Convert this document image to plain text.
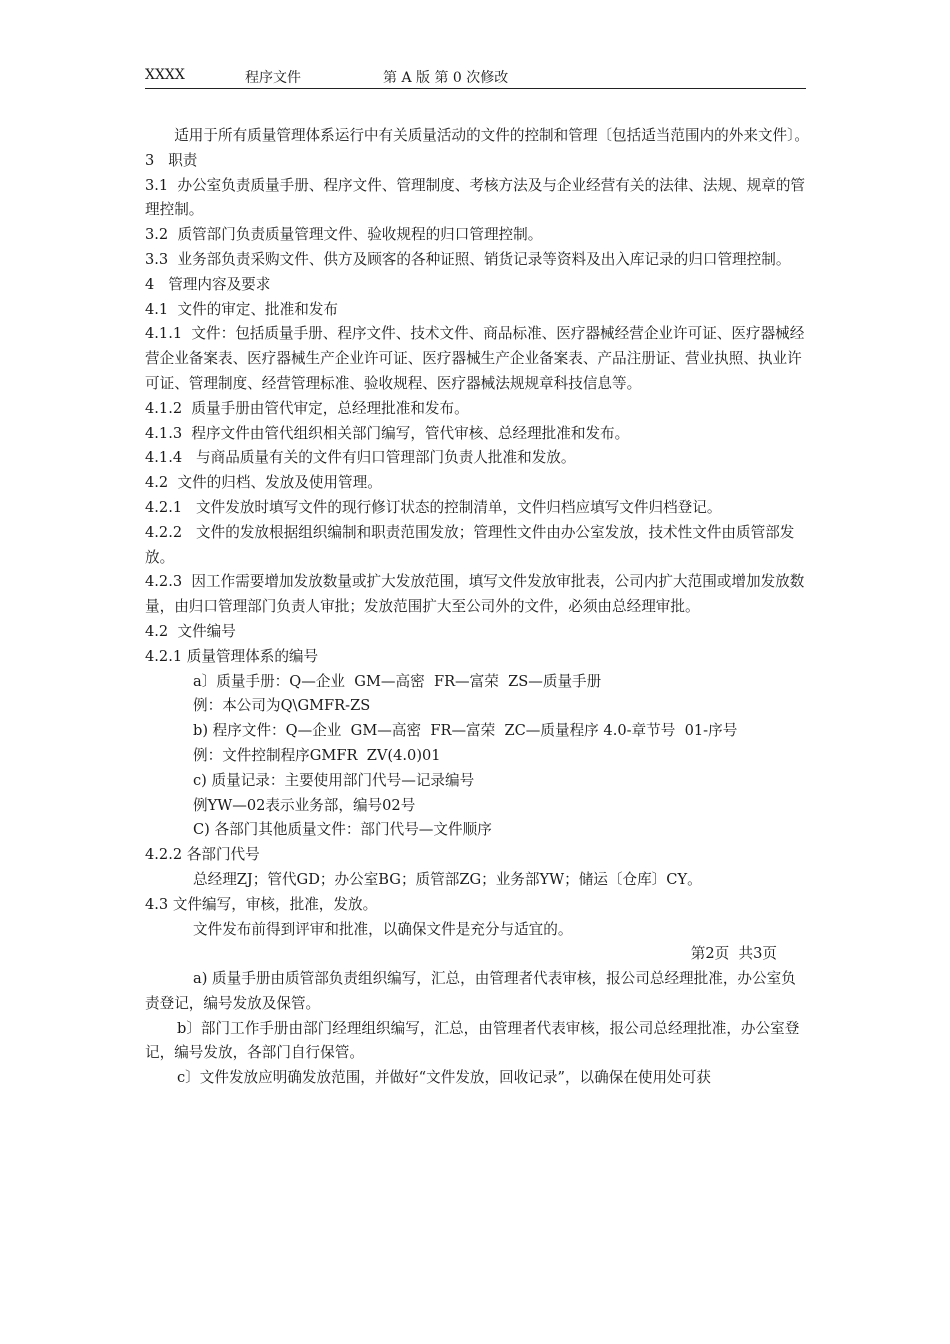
XXXX	程序文件	第 A 版 第 0 次修改

适用于所有质量管理体系运行中有关质量活动的文件的控制和管理〔包括适当范围内的外来文件〕。

3   职责

3.1  办公室负责质量手册、程序文件、管理制度、考核方法及与企业经营有关的法律、法规、规章的管理控制。

3.2  质管部门负责质量管理文件、验收规程的归口管理控制。

3.3  业务部负责采购文件、供方及顾客的各种证照、销货记录等资料及出入库记录的归口管理控制。

4   管理内容及要求

4.1  文件的审定、批准和发布

4.1.1  文件：包括质量手册、程序文件、技术文件、商品标准、医疗器械经营企业许可证、医疗器械经营企业备案表、医疗器械生产企业许可证、医疗器械生产企业备案表、产品注册证、营业执照、执业许可证、管理制度、经营管理标准、验收规程、医疗器械法规规章科技信息等。

4.1.2  质量手册由管代审定，总经理批准和发布。

4.1.3  程序文件由管代组织相关部门编写，管代审核、总经理批准和发布。

4.1.4   与商品质量有关的文件有归口管理部门负责人批准和发放。

4.2  文件的归档、发放及使用管理。

4.2.1   文件发放时填写文件的现行修订状态的控制清单，文件归档应填写文件归档登记。

4.2.2   文件的发放根据组织编制和职责范围发放；管理性文件由办公室发放，技术性文件由质管部发放。

4.2.3  因工作需要增加发放数量或扩大发放范围，填写文件发放审批表，公司内扩大范围或增加发放数量，由归口管理部门负责人审批；发放范围扩大至公司外的文件，必须由总经理审批。

4.2  文件编号

4.2.1 质量管理体系的编号

a〕质量手册：Q—企业  GM—高密  FR—富荣  ZS—质量手册

例：本公司为Q\GMFR-ZS

b) 程序文件：Q—企业  GM—高密  FR—富荣  ZC—质量程序 4.0-章节号  01-序号

例：文件控制程序GMFR  ZV(4.0)01

c) 质量记录：主要使用部门代号—记录编号

例YW—02表示业务部，编号02号

C) 各部门其他质量文件：部门代号—文件顺序

4.2.2 各部门代号

总经理ZJ；管代GD；办公室BG；质管部ZG；业务部YW；储运〔仓库〕CY。

4.3 文件编写，审核，批准，发放。

文件发布前得到评审和批准，以确保文件是充分与适宜的。

第2页  共3页

a) 质量手册由质管部负责组织编写，汇总，由管理者代表审核，报公司总经理批准，办公室负责登记，编号发放及保管。

b〕部门工作手册由部门经理组织编写，汇总，由管理者代表审核，报公司总经理批准，办公室登记，编号发放，各部门自行保管。

c〕文件发放应明确发放范围，并做好“文件发放，回收记录”，以确保在使用处可获
